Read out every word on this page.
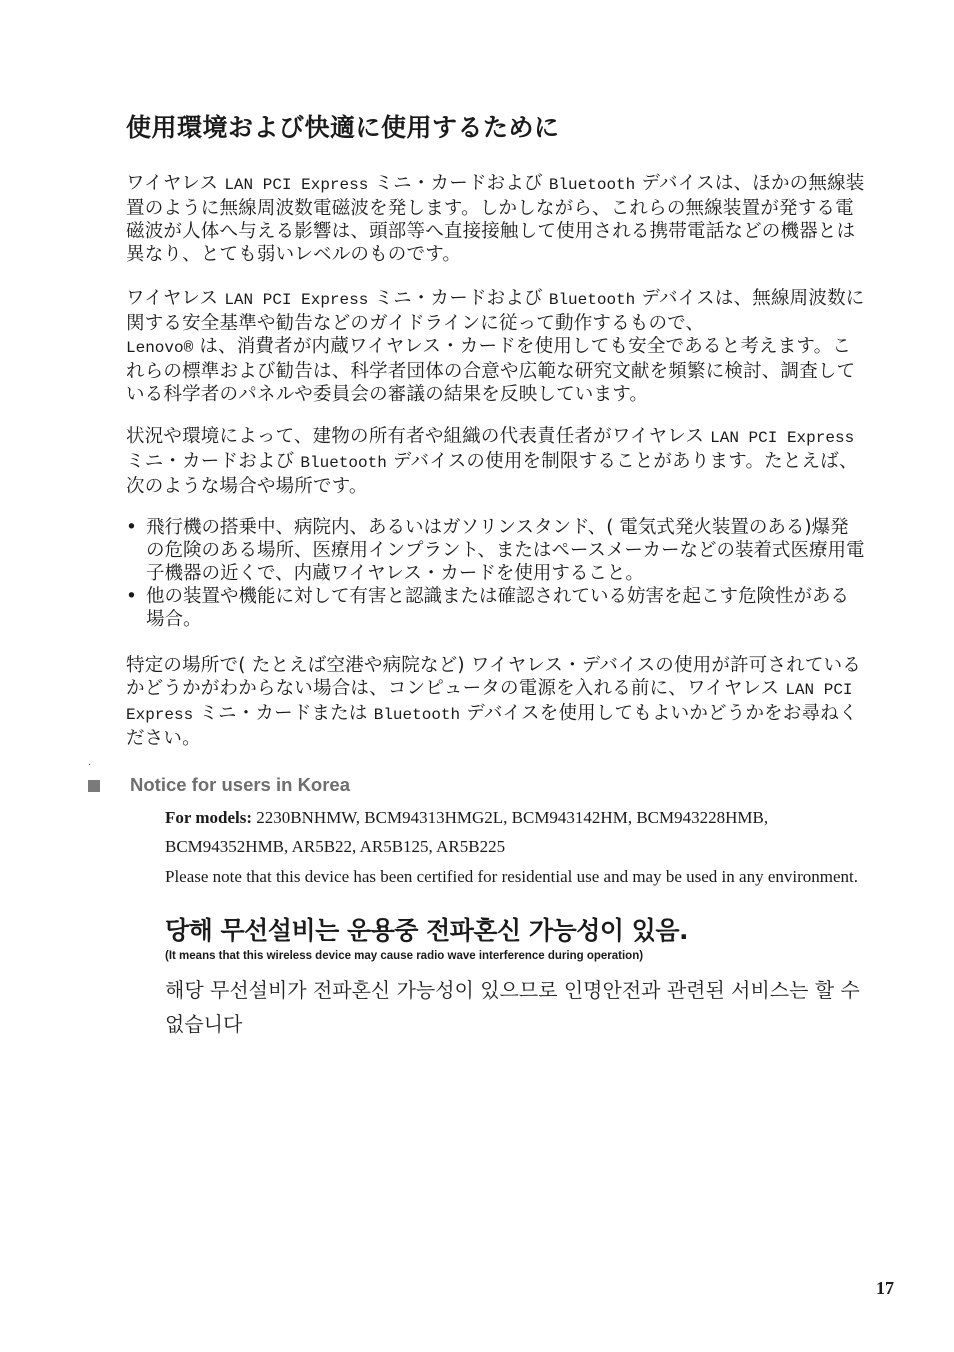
使用環境および快適に使用するために

ワイヤレス LAN PCI Express ミニ・カードおよび Bluetooth デバイスは、ほかの無線装置のように無線周波数電磁波を発します。しかしながら、これらの無線装置が発する電磁波が人体へ与える影響は、頭部等へ直接接触して使用される携帯電話などの機器とは異なり、とても弱いレベルのものです。

ワイヤレス LAN PCI Express ミニ・カードおよび Bluetooth デバイスは、無線周波数に関する安全基準や勧告などのガイドラインに従って動作するもので、
Lenovo® は、消費者が内蔵ワイヤレス・カードを使用しても安全であると考えます。これらの標準および勧告は、科学者団体の合意や広範な研究文献を頻繁に検討、調査している科学者のパネルや委員会の審議の結果を反映しています。

状況や環境によって、建物の所有者や組織の代表責任者がワイヤレス LAN PCI Express ミニ・カードおよび Bluetooth デバイスの使用を制限することがあります。たとえば、次のような場合や場所です。

• 飛行機の搭乗中、病院内、あるいはガソリンスタンド、( 電気式発火装置のある)爆発の危険のある場所、医療用インプラント、またはペースメーカーなどの装着式医療用電子機器の近くで、内蔵ワイヤレス・カードを使用すること。
• 他の装置や機能に対して有害と認識または確認されている妨害を起こす危険性がある場合。

特定の場所で( たとえば空港や病院など) ワイヤレス・デバイスの使用が許可されているかどうかがわからない場合は、コンピュータの電源を入れる前に、ワイヤレス LAN PCI Express ミニ・カードまたは Bluetooth デバイスを使用してもよいかどうかをお尋ねください。

.
Notice for users in Korea
For models: 2230BNHMW, BCM94313HMG2L, BCM943142HM, BCM943228HMB, BCM94352HMB, AR5B22, AR5B125, AR5B225
Please note that this device has been certified for residential use and may be used in any environment.
당해 무선설비는 운용중 전파혼신 가능성이 있음.
(It means that this wireless device may cause radio wave interference during operation)
해당 무선설비가 전파혼신 가능성이 있으므로 인명안전과 관련된 서비스는 할 수 없습니다
17
